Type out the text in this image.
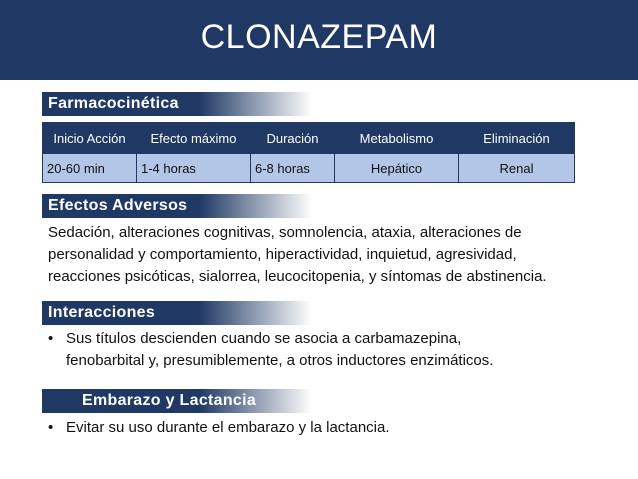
CLONAZEPAM
Farmacocinética
Inicio Acción	Efecto máximo	Duración	Metabolismo	Eliminación
20-60 min	1-4 horas	6-8 horas	Hepático	Renal
Efectos Adversos
Sedación, alteraciones cognitivas, somnolencia, ataxia, alteraciones de
personalidad y comportamiento, hiperactividad, inquietud, agresividad,
reacciones psicóticas, sialorrea, leucocitopenia, y síntomas de abstinencia.
Interacciones
• Sus títulos descienden cuando se asocia a carbamazepina,
fenobarbital y, presumiblemente, a otros inductores enzimáticos.
Embarazo y Lactancia
• Evitar su uso durante el embarazo y la lactancia.
